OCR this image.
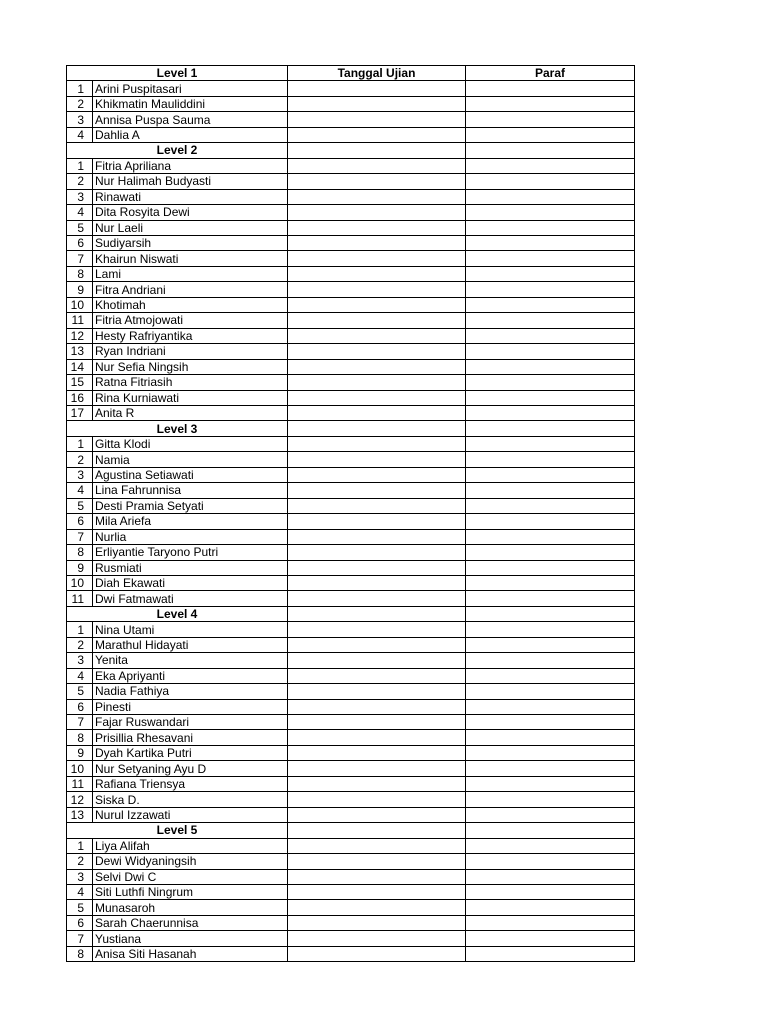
Level 1		Tanggal Ujian	Paraf
1	Arini Puspitasari		
2	Khikmatin Mauliddini		
3	Annisa Puspa Sauma		
4	Dahlia A		
Level 2			
1	Fitria Apriliana		
2	Nur Halimah Budyasti		
3	Rinawati		
4	Dita Rosyita Dewi		
5	Nur Laeli		
6	Sudiyarsih		
7	Khairun Niswati		
8	Lami		
9	Fitra Andriani		
10	Khotimah		
11	Fitria Atmojowati		
12	Hesty Rafriyantika		
13	Ryan Indriani		
14	Nur Sefia Ningsih		
15	Ratna Fitriasih		
16	Rina Kurniawati		
17	Anita R		
Level 3			
1	Gitta Klodi		
2	Namia		
3	Agustina Setiawati		
4	Lina Fahrunnisa		
5	Desti Pramia Setyati		
6	Mila Ariefa		
7	Nurlia		
8	Erliyantie Taryono Putri		
9	Rusmiati		
10	Diah Ekawati		
11	Dwi Fatmawati		
Level 4			
1	Nina Utami		
2	Marathul Hidayati		
3	Yenita		
4	Eka Apriyanti		
5	Nadia Fathiya		
6	Pinesti		
7	Fajar Ruswandari		
8	Prisillia Rhesavani		
9	Dyah Kartika Putri		
10	Nur Setyaning Ayu D		
11	Rafiana Triensya		
12	Siska D.		
13	Nurul Izzawati		
Level 5			
1	Liya Alifah		
2	Dewi Widyaningsih		
3	Selvi Dwi C		
4	Siti Luthfi Ningrum		
5	Munasaroh		
6	Sarah Chaerunnisa		
7	Yustiana		
8	Anisa Siti Hasanah		
